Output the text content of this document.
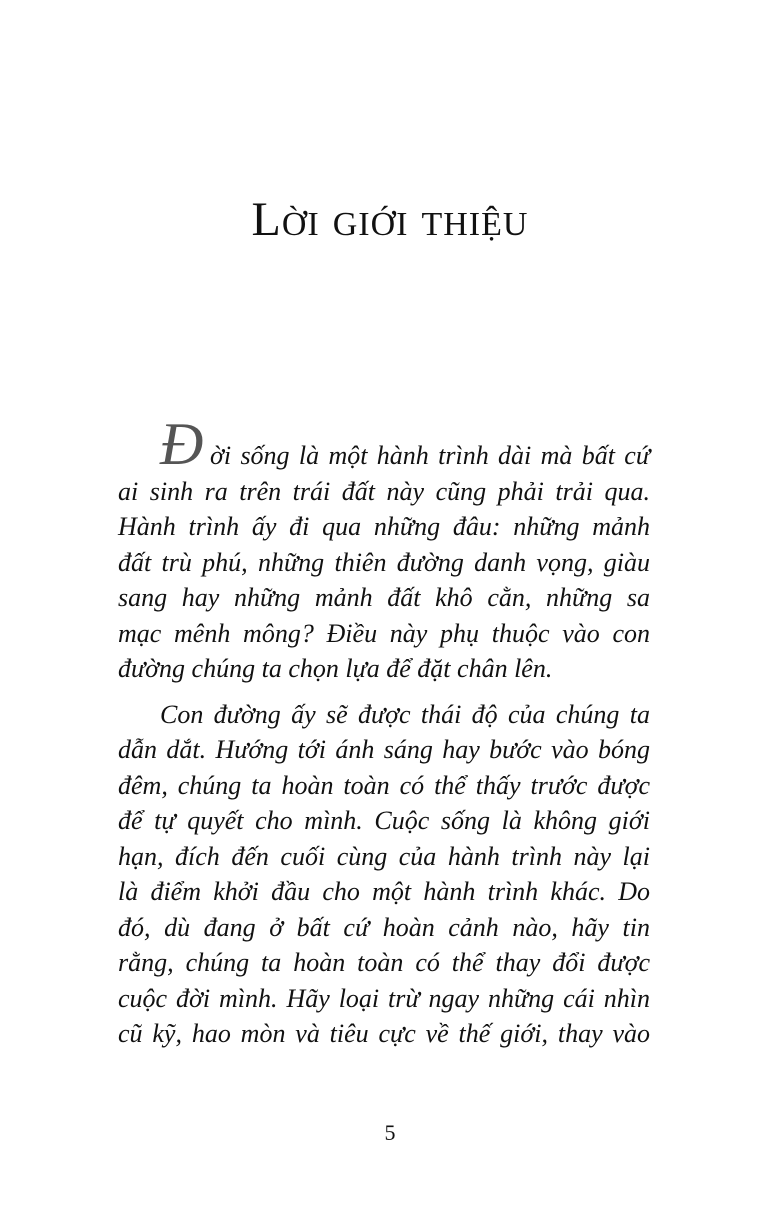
Lời giới thiệu
Đ ời sống là một hành trình dài mà bất cứ
ai sinh ra trên trái đất này cũng phải trải qua.
Hành trình ấy đi qua những đâu: những mảnh
đất trù phú, những thiên đường danh vọng, giàu
sang hay những mảnh đất khô cằn, những sa
mạc mênh mông? Điều này phụ thuộc vào con
đường chúng ta chọn lựa để đặt chân lên.
Con đường ấy sẽ được thái độ của chúng ta
dẫn dắt. Hướng tới ánh sáng hay bước vào bóng
đêm, chúng ta hoàn toàn có thể thấy trước được
để tự quyết cho mình. Cuộc sống là không giới
hạn, đích đến cuối cùng của hành trình này lại
là điểm khởi đầu cho một hành trình khác. Do
đó, dù đang ở bất cứ hoàn cảnh nào, hãy tin
rằng, chúng ta hoàn toàn có thể thay đổi được
cuộc đời mình. Hãy loại trừ ngay những cái nhìn
cũ kỹ, hao mòn và tiêu cực về thế giới, thay vào
5
